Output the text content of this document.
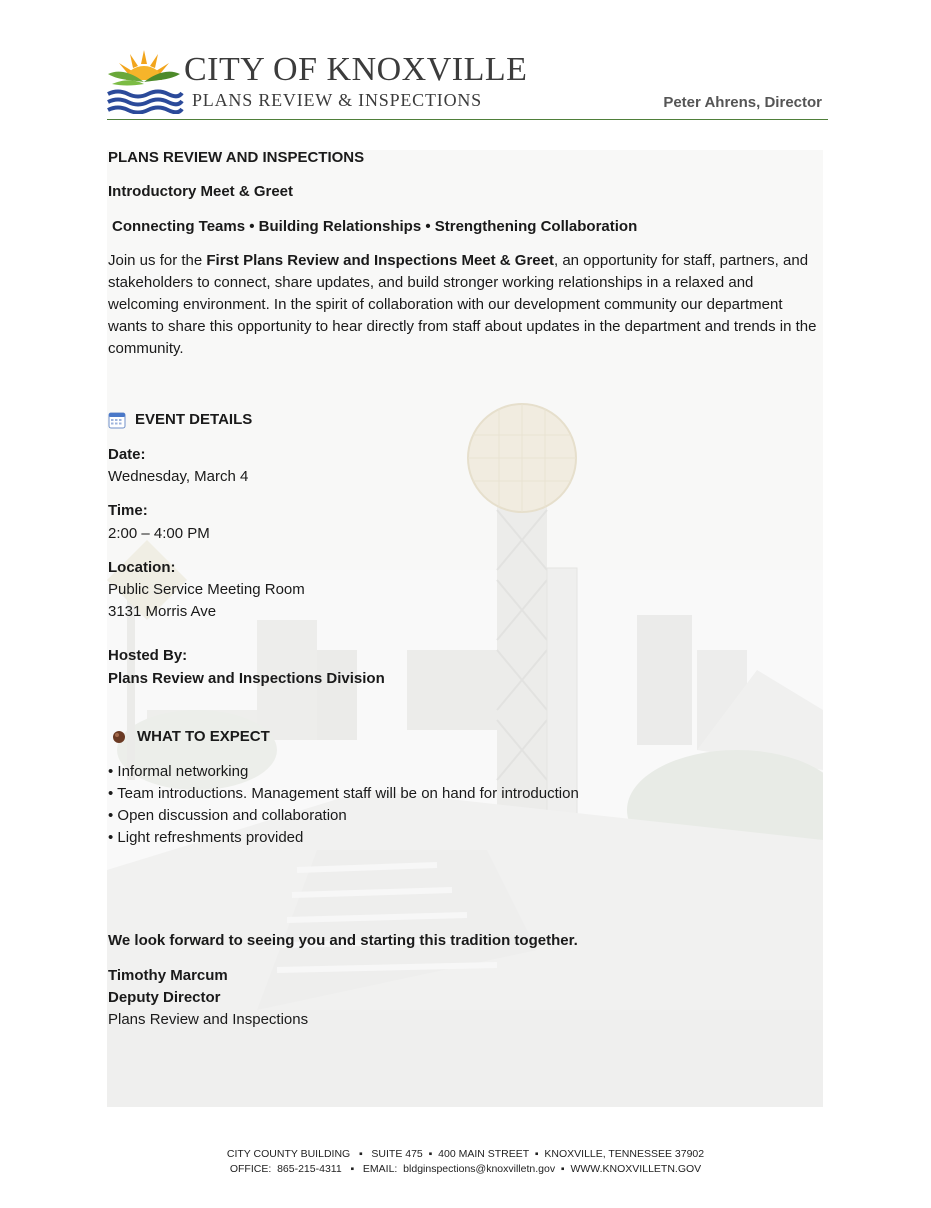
CITY OF KNOXVILLE
PLANS REVIEW & INSPECTIONS	Peter Ahrens, Director

PLANS REVIEW AND INSPECTIONS

Introductory Meet & Greet

Connecting Teams • Building Relationships • Strengthening Collaboration

Join us for the First Plans Review and Inspections Meet & Greet, an opportunity for staff, partners, and stakeholders to connect, share updates, and build stronger working relationships in a relaxed and welcoming environment. In the spirit of collaboration with our development community our department wants to share this opportunity to hear directly from staff about updates in the department and trends in the community.

EVENT DETAILS

Date:

Wednesday, March 4

Time:

2:00 – 4:00 PM

Location:

Public Service Meeting Room

3131 Morris Ave

Hosted By:

Plans Review and Inspections Division

WHAT TO EXPECT

• Informal networking

• Team introductions. Management staff will be on hand for introduction

• Open discussion and collaboration

• Light refreshments provided

We look forward to seeing you and starting this tradition together.

Timothy Marcum

Deputy Director

Plans Review and Inspections

CITY COUNTY BUILDING   ▪   SUITE 475  ▪  400 MAIN STREET  ▪  KNOXVILLE, TENNESSEE 37902
OFFICE:  865-215-4311   ▪   EMAIL:  bldginspections@knoxvilletn.gov  ▪  WWW.KNOXVILLETN.GOV
